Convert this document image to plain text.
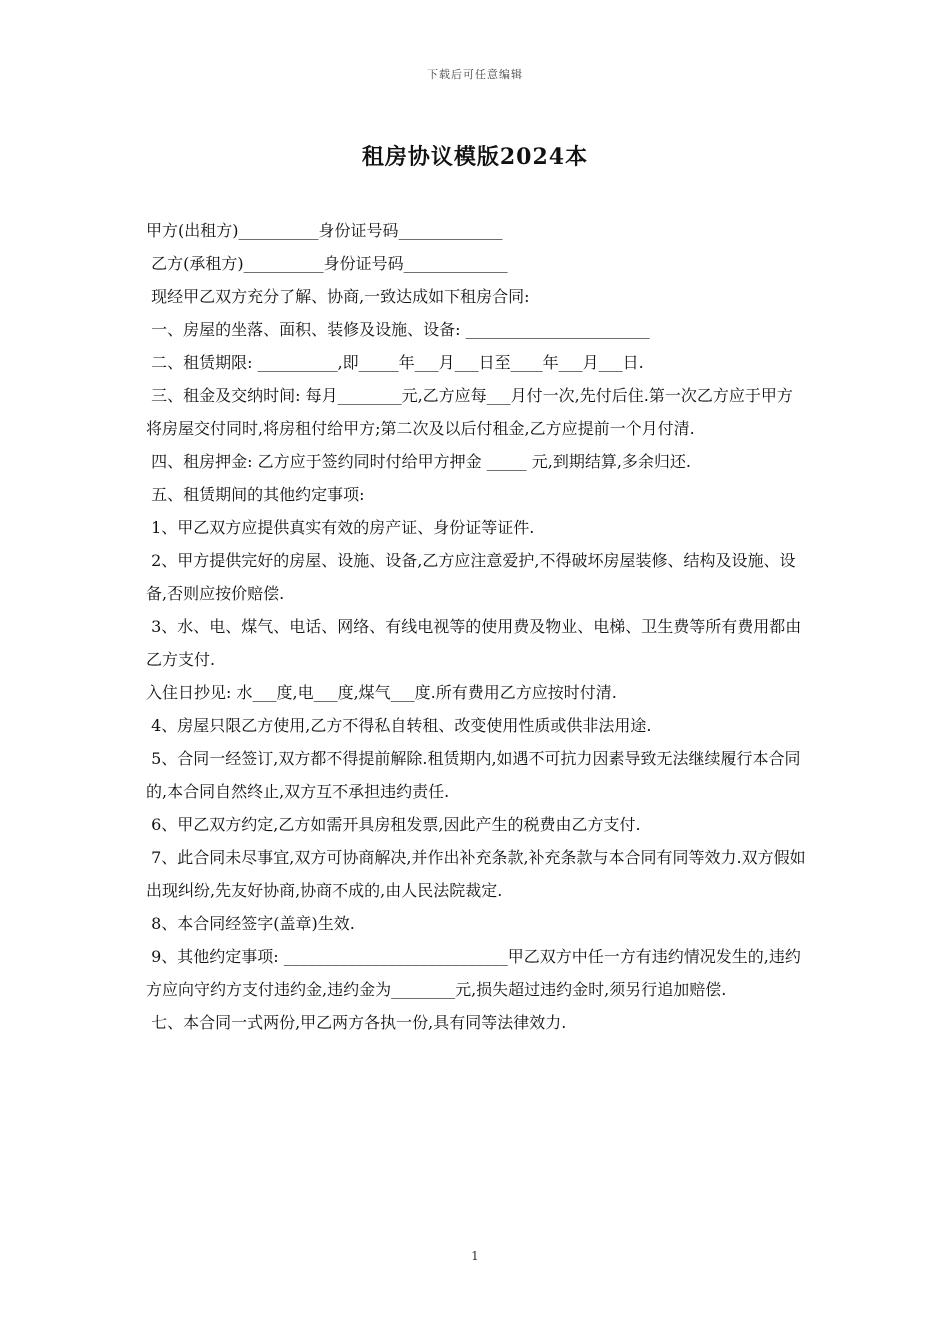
下载后可任意编辑
租房协议模版2024本

甲方(出租方)__________身份证号码_____________

乙方(承租方)__________身份证号码_____________

现经甲乙双方充分了解、协商,一致达成如下租房合同:

一、房屋的坐落、面积、装修及设施、设备: _______________________

二、租赁期限: __________,即_____年___月___日至____年___月___日.

三、租金及交纳时间: 每月________元,乙方应每___月付一次,先付后住.第一次乙方应于甲方将房屋交付同时,将房租付给甲方;第二次及以后付租金,乙方应提前一个月付清.

四、租房押金: 乙方应于签约同时付给甲方押金 _____ 元,到期结算,多余归还.

五、租赁期间的其他约定事项:

1、甲乙双方应提供真实有效的房产证、身份证等证件.

2、甲方提供完好的房屋、设施、设备,乙方应注意爱护,不得破坏房屋装修、结构及设施、设备,否则应按价赔偿.

3、水、电、煤气、电话、网络、有线电视等的使用费及物业、电梯、卫生费等所有费用都由乙方支付.

入住日抄见: 水___度,电___度,煤气___度.所有费用乙方应按时付清.

4、房屋只限乙方使用,乙方不得私自转租、改变使用性质或供非法用途.

5、合同一经签订,双方都不得提前解除.租赁期内,如遇不可抗力因素导致无法继续履行本合同的,本合同自然终止,双方互不承担违约责任.

6、甲乙双方约定,乙方如需开具房租发票,因此产生的税费由乙方支付.

7、此合同未尽事宜,双方可协商解决,并作出补充条款,补充条款与本合同有同等效力.双方假如出现纠纷,先友好协商,协商不成的,由人民法院裁定.

8、本合同经签字(盖章)生效.

9、其他约定事项: ____________________________甲乙双方中任一方有违约情况发生的,违约方应向守约方支付违约金,违约金为________元,损失超过违约金时,须另行追加赔偿.

七、本合同一式两份,甲乙两方各执一份,具有同等法律效力.

1
